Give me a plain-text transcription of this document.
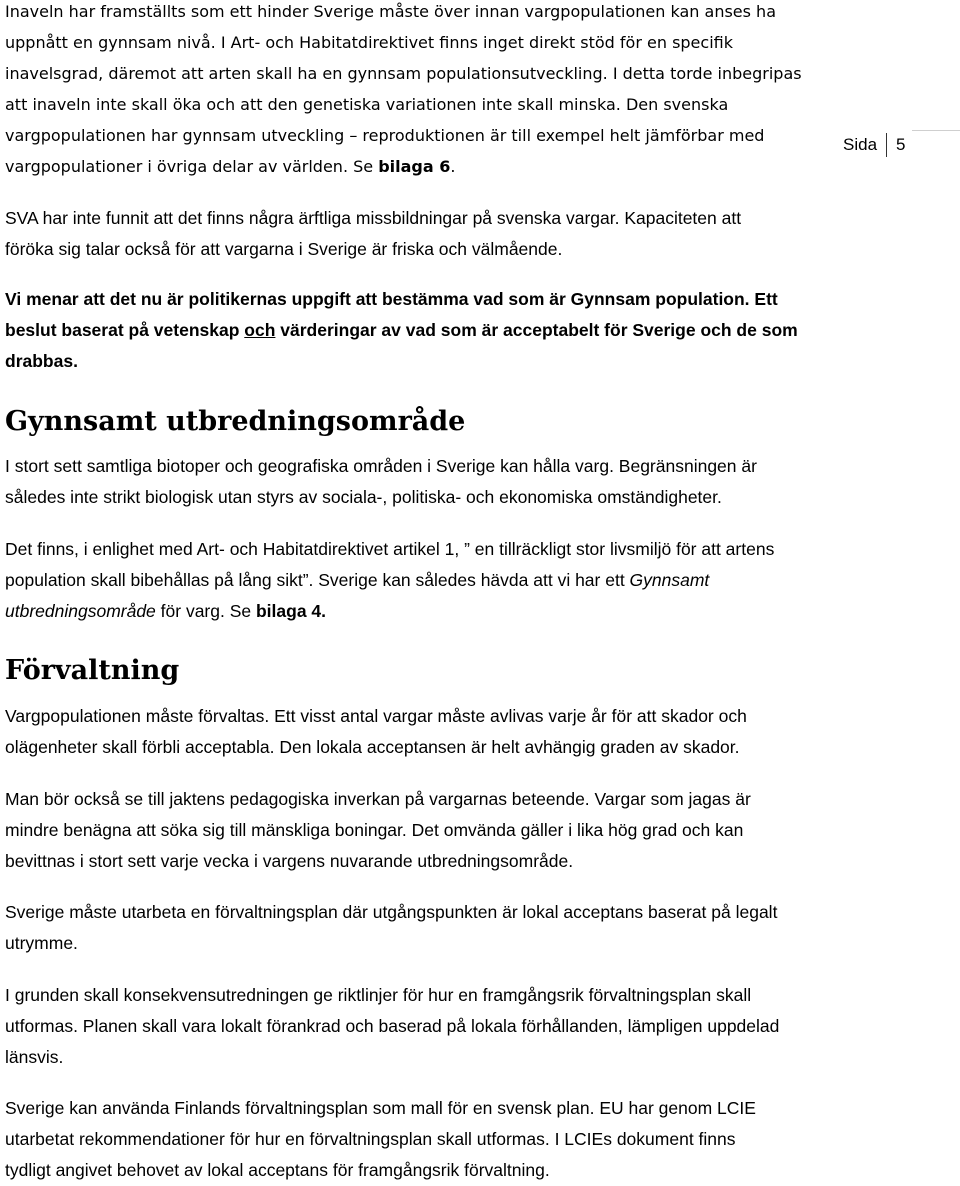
Sida 5

Inaveln har framställts som ett hinder Sverige måste över innan vargpopulationen kan anses ha

uppnått en gynnsam nivå. I Art- och Habitatdirektivet finns inget direkt stöd för en specifik

inavelsgrad, däremot att arten skall ha en gynnsam populationsutveckling. I detta torde inbegripas

att inaveln inte skall öka och att den genetiska variationen inte skall minska. Den svenska

vargpopulationen har gynnsam utveckling – reproduktionen är till exempel helt jämförbar med

vargpopulationer i övriga delar av världen. Se bilaga 6.

SVA har inte funnit att det finns några ärftliga missbildningar på svenska vargar. Kapaciteten att

föröka sig talar också för att vargarna i Sverige är friska och välmående.

Vi menar att det nu är politikernas uppgift att bestämma vad som är Gynnsam population. Ett

beslut baserat på vetenskap och värderingar av vad som är acceptabelt för Sverige och de som

drabbas.

Gynnsamt utbredningsområde

I stort sett samtliga biotoper och geografiska områden i Sverige kan hålla varg. Begränsningen är

således inte strikt biologisk utan styrs av sociala-, politiska- och ekonomiska omständigheter.

Det finns, i enlighet med Art- och Habitatdirektivet artikel 1, ” en tillräckligt stor livsmiljö för att artens

population skall bibehållas på lång sikt”. Sverige kan således hävda att vi har ett Gynnsamt

utbredningsområde för varg. Se bilaga 4.

Förvaltning

Vargpopulationen måste förvaltas. Ett visst antal vargar måste avlivas varje år för att skador och

olägenheter skall förbli acceptabla. Den lokala acceptansen är helt avhängig graden av skador.

Man bör också se till jaktens pedagogiska inverkan på vargarnas beteende. Vargar som jagas är

mindre benägna att söka sig till mänskliga boningar. Det omvända gäller i lika hög grad och kan

bevittnas i stort sett varje vecka i vargens nuvarande utbredningsområde.

Sverige måste utarbeta en förvaltningsplan där utgångspunkten är lokal acceptans baserat på legalt

utrymme.

I grunden skall konsekvensutredningen ge riktlinjer för hur en framgångsrik förvaltningsplan skall

utformas. Planen skall vara lokalt förankrad och baserad på lokala förhållanden, lämpligen uppdelad

länsvis.

Sverige kan använda Finlands förvaltningsplan som mall för en svensk plan. EU har genom LCIE

utarbetat rekommendationer för hur en förvaltningsplan skall utformas. I LCIEs dokument finns

tydligt angivet behovet av lokal acceptans för framgångsrik förvaltning.
